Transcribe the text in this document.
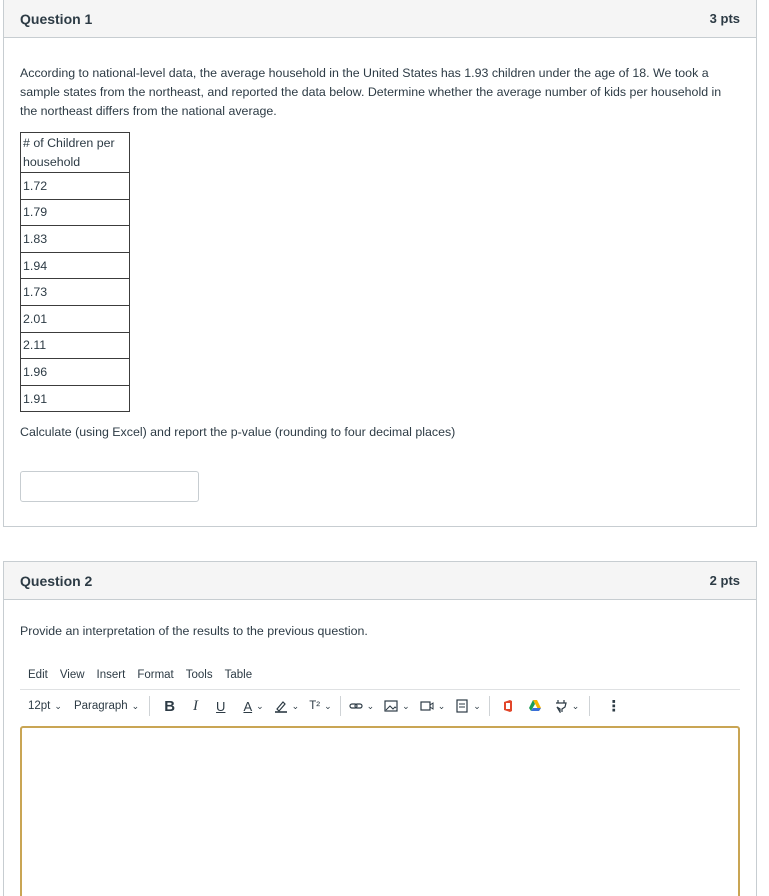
Question 1	3 pts
According to national-level data, the average household in the United States has 1.93 children under the age of 18. We took a sample states from the northeast, and reported the data below. Determine whether the average number of kids per household in the northeast differs from the national average.
# of Children per household
1.72
1.79
1.83
1.94
1.73
2.01
2.11
1.96
1.91
Calculate (using Excel) and report the p-value (rounding to four decimal places)
Question 2	2 pts
Provide an interpretation of the results to the previous question.
Edit View Insert Format Tools Table
12pt ⌄ Paragraph ⌄ B I U A ⌄	⌄ T² ⌄	⌄	⌄	⌄	⌄	⌄ ⋮
